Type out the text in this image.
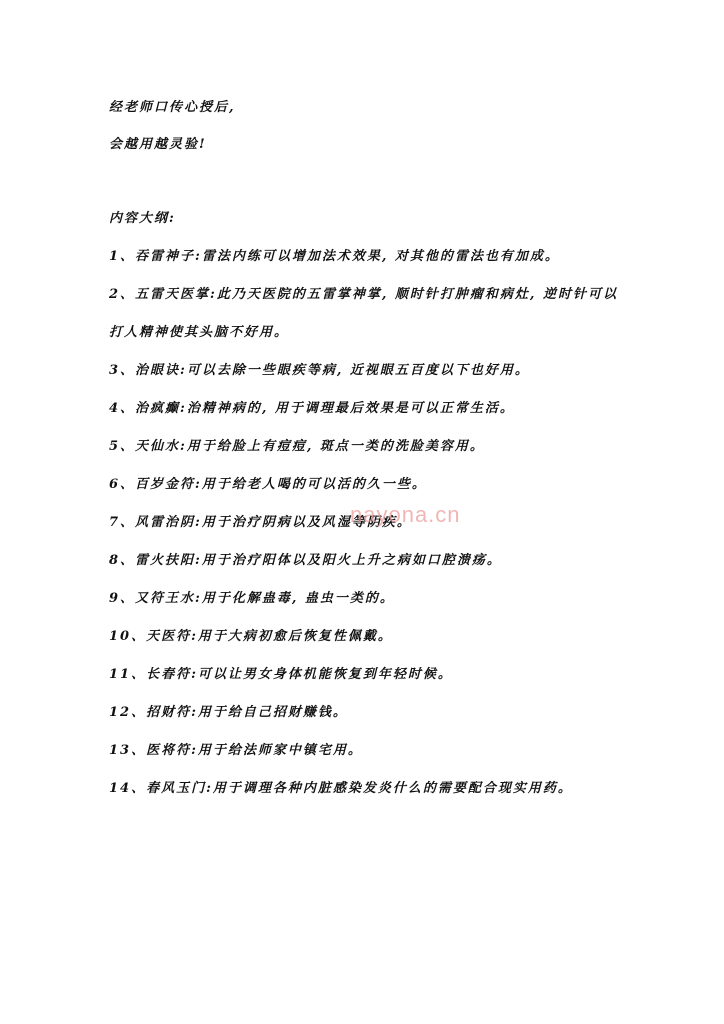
经老师口传心授后,
会越用越灵验!
内容大纲:
1、吞雷神子:雷法内练可以增加法术效果, 对其他的雷法也有加成。
2、五雷天医掌:此乃天医院的五雷掌神掌, 顺时针打肿瘤和病灶, 逆时针可以
打人精神使其头脑不好用。
3、治眼诀:可以去除一些眼疾等病, 近视眼五百度以下也好用。
4、治疯癫:治精神病的, 用于调理最后效果是可以正常生活。
5、天仙水:用于给脸上有痘痘, 斑点一类的洗脸美容用。
6、百岁金符:用于给老人喝的可以活的久一些。
7、风雷治阴:用于治疗阴病以及风湿等阴疾。
8、雷火扶阳:用于治疗阳体以及阳火上升之病如口腔溃疡。
9、又符王水:用于化解蛊毒, 蛊虫一类的。
10、天医符:用于大病初愈后恢复性佩戴。
11、长春符:可以让男女身体机能恢复到年轻时候。
12、招财符:用于给自己招财赚钱。
13、医将符:用于给法师家中镇宅用。
14、春风玉门:用于调理各种内脏感染发炎什么的需要配合现实用药。
nayona.cn
